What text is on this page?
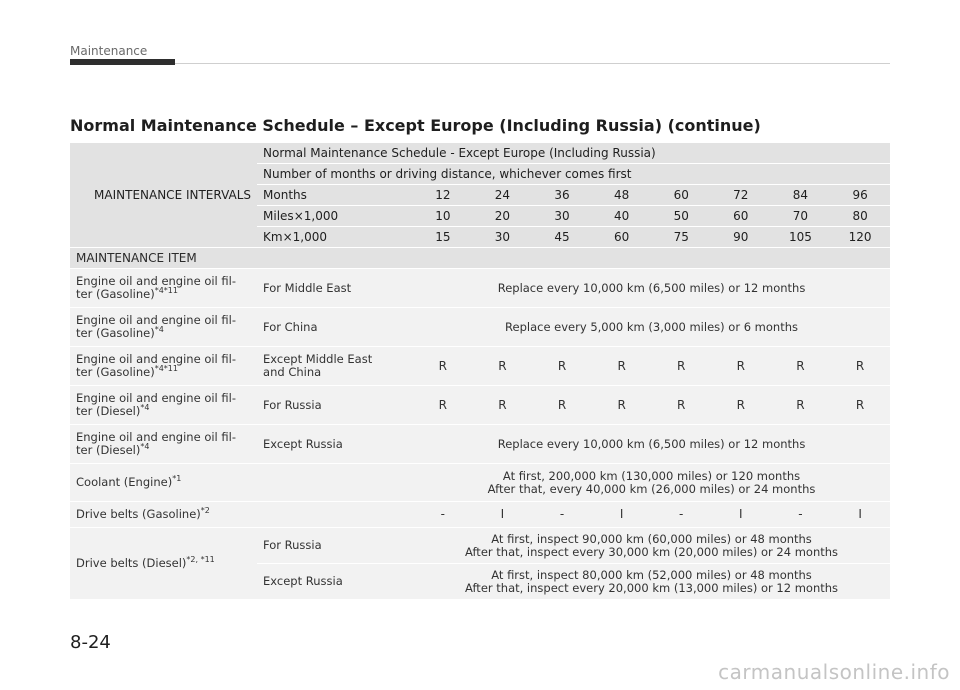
Maintenance
Normal Maintenance Schedule – Except Europe (Including Russia) (continue)
MAINTENANCE INTERVALS	Normal Maintenance Schedule - Except Europe (Including Russia)								
	Number of months or driving distance, whichever comes first								
	Months	12	24	36	48	60	72	84	96
	Miles×1,000	10	20	30	40	50	60	70	80
	Km×1,000	15	30	45	60	75	90	105	120
MAINTENANCE ITEM									
Engine oil and engine oil fil-
ter (Gasoline)$^{*4*11}$	For Middle East	Replace every 10,000 km (6,500 miles) or 12 months							
Engine oil and engine oil fil-
ter (Gasoline)$^{*4}$	For China	Replace every 5,000 km (3,000 miles) or 6 months							
Engine oil and engine oil fil-
ter (Gasoline)$^{*4*11}$	Except Middle East
and China	R	R	R	R	R	R	R	R
Engine oil and engine oil fil-
ter (Diesel)$^{*4}$	For Russia	R	R	R	R	R	R	R	R
Engine oil and engine oil fil-
ter (Diesel)$^{*4}$	Except Russia	Replace every 10,000 km (6,500 miles) or 12 months							
Coolant (Engine)$^{*1}$		At first, 200,000 km (130,000 miles) or 120 months
After that, every 40,000 km (26,000 miles) or 24 months							
Drive belts (Gasoline)$^{*2}$		-	I	-	I	-	I	-	I
Drive belts (Diesel)$^{*2, *11}$	For Russia	At first, inspect 90,000 km (60,000 miles) or 48 months
After that, inspect every 30,000 km (20,000 miles) or 24 months							
	Except Russia	At first, inspect 80,000 km (52,000 miles) or 48 months
After that, inspect every 20,000 km (13,000 miles) or 12 months							
8-24
carmanualsonline.info
